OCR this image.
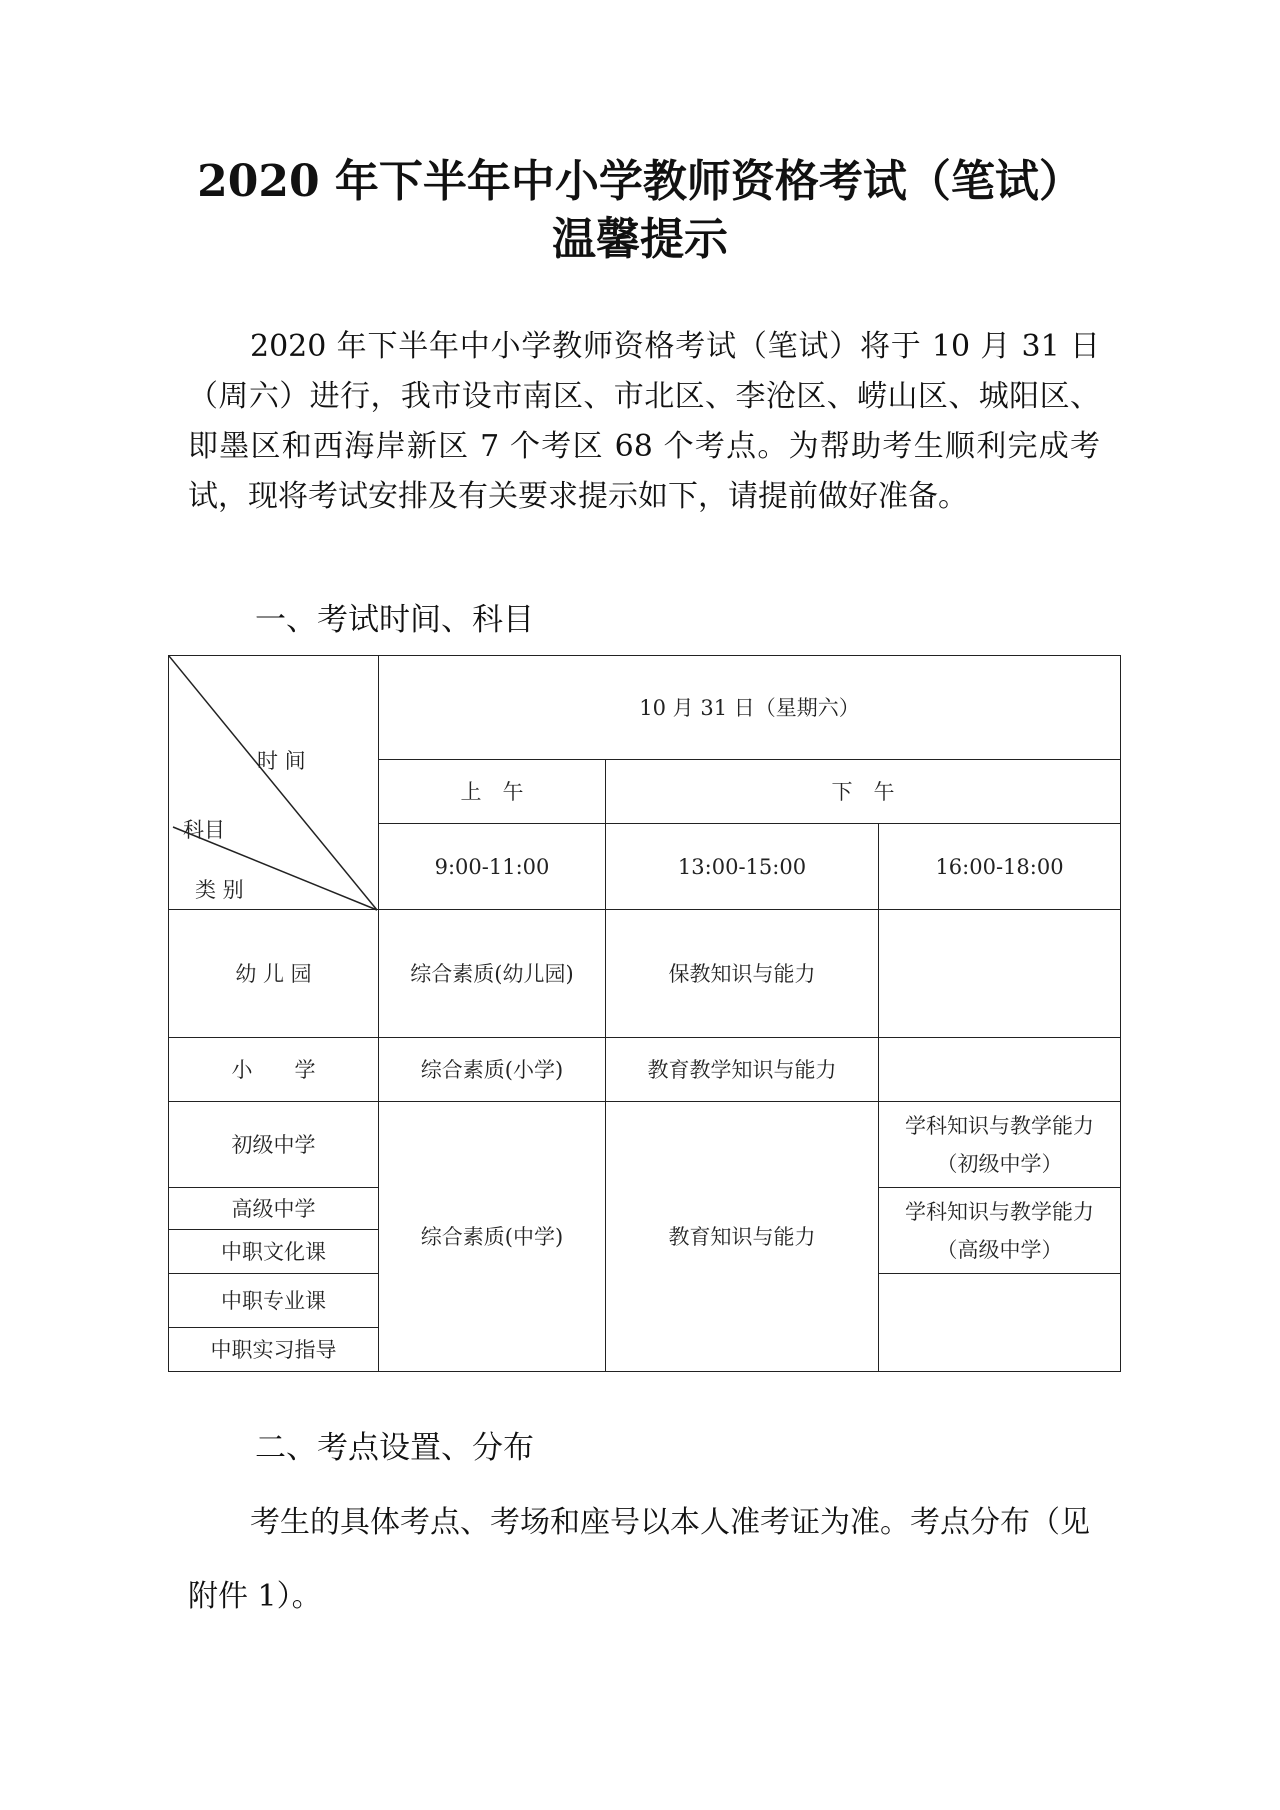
2020 年下半年中小学教师资格考试（笔试）
温馨提示

2020 年下半年中小学教师资格考试（笔试）将于 10 月 31 日（周六）进行，我市设市南区、市北区、李沧区、崂山区、城阳区、即墨区和西海岸新区 7 个考区 68 个考点。为帮助考生顺利完成考试，现将考试安排及有关要求提示如下，请提前做好准备。

一、考试时间、科目
时 间
科目
类 别	10 月 31 日（星期六）		
	上　午	下　午	
	9:00-11:00	13:00-15:00	16:00-18:00
幼 儿 园	综合素质(幼儿园)	保教知识与能力	
小　　学	综合素质(小学)	教育教学知识与能力	
初级中学	综合素质(中学)	教育知识与能力	学科知识与教学能力（初级中学）
高级中学			学科知识与教学能力（高级中学）
中职文化课			
中职专业课			
中职实习指导			
二、考点设置、分布

考生的具体考点、考场和座号以本人准考证为准。考点分布（见附件 1）。
